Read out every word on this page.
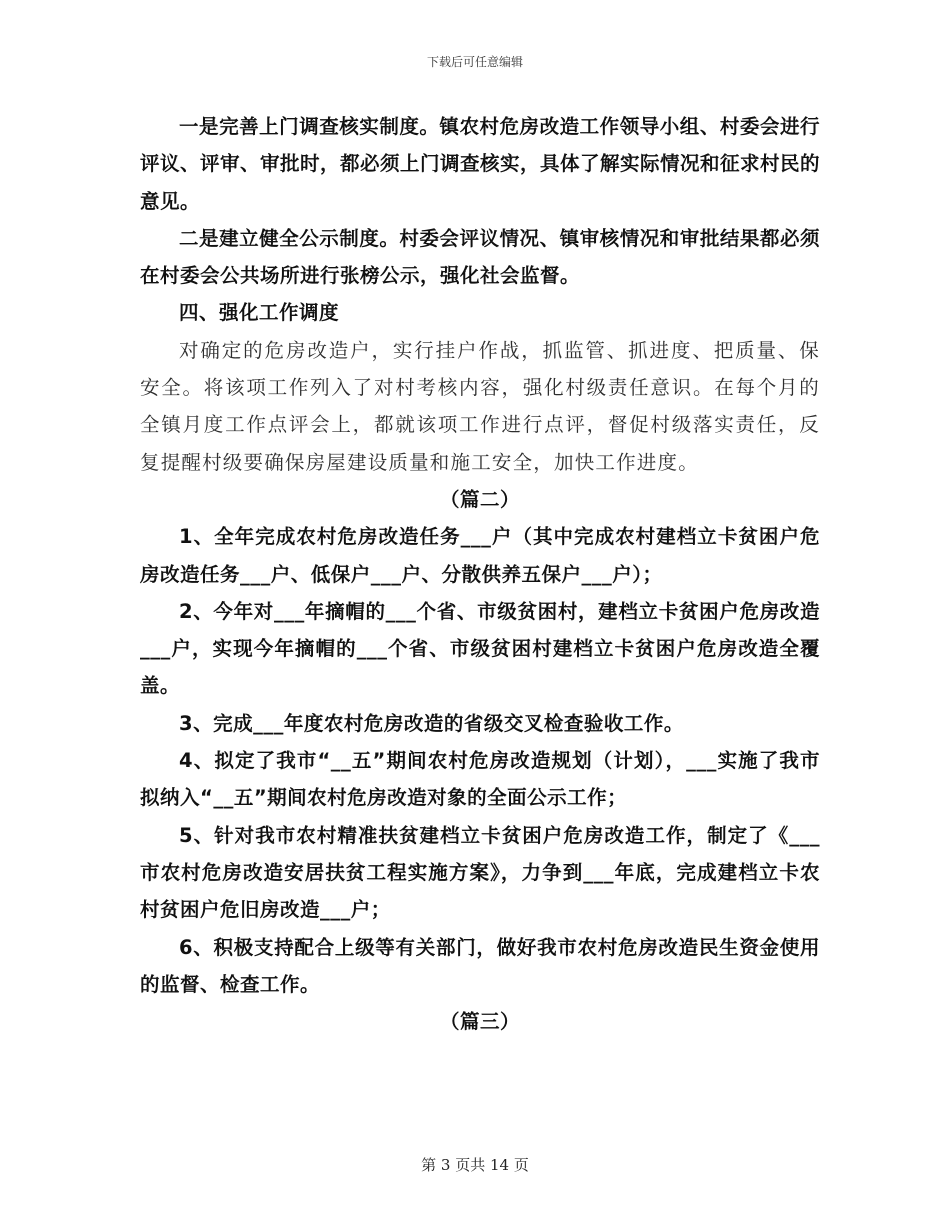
下载后可任意编辑

一是完善上门调查核实制度。镇农村危房改造工作领导小组、村委会进行评议、评审、审批时，都必须上门调查核实，具体了解实际情况和征求村民的意见。

二是建立健全公示制度。村委会评议情况、镇审核情况和审批结果都必须在村委会公共场所进行张榜公示，强化社会监督。

四、强化工作调度

对确定的危房改造户，实行挂户作战，抓监管、抓进度、把质量、保安全。将该项工作列入了对村考核内容，强化村级责任意识。在每个月的全镇月度工作点评会上，都就该项工作进行点评，督促村级落实责任，反复提醒村级要确保房屋建设质量和施工安全，加快工作进度。

（篇二）

1、全年完成农村危房改造任务___户（其中完成农村建档立卡贫困户危房改造任务___户、低保户___户、分散供养五保户___户）；

2、今年对___年摘帽的___个省、市级贫困村，建档立卡贫困户危房改造___户，实现今年摘帽的___个省、市级贫困村建档立卡贫困户危房改造全覆盖。

3、完成___年度农村危房改造的省级交叉检查验收工作。

4、拟定了我市“__五”期间农村危房改造规划（计划），___实施了我市拟纳入“__五”期间农村危房改造对象的全面公示工作；

5、针对我市农村精准扶贫建档立卡贫困户危房改造工作，制定了《___市农村危房改造安居扶贫工程实施方案》，力争到___年底，完成建档立卡农村贫困户危旧房改造___户；

6、积极支持配合上级等有关部门，做好我市农村危房改造民生资金使用的监督、检查工作。

（篇三）

第 3 页共 14 页
